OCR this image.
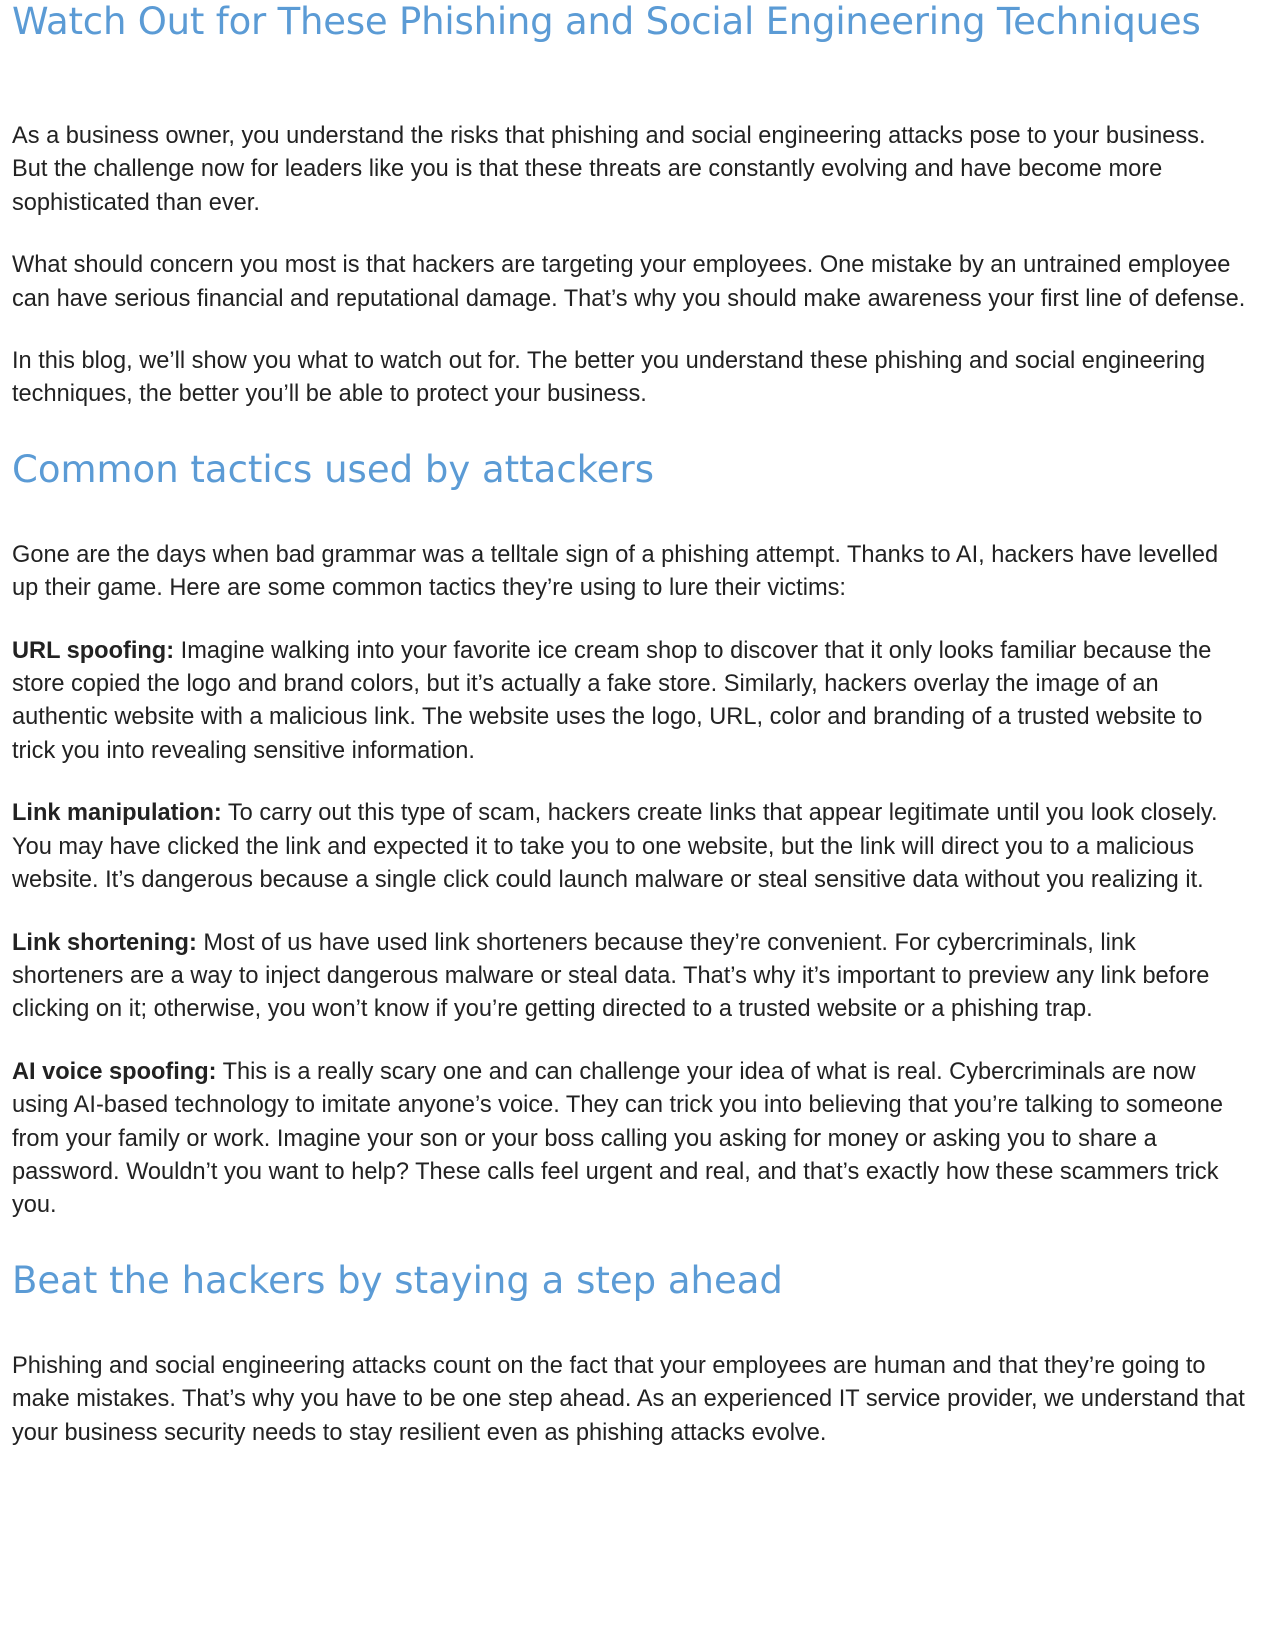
Watch Out for These Phishing and Social Engineering Techniques

As a business owner, you understand the risks that phishing and social engineering attacks pose to your business. But the challenge now for leaders like you is that these threats are constantly evolving and have become more sophisticated than ever.

What should concern you most is that hackers are targeting your employees. One mistake by an untrained employee can have serious financial and reputational damage. That’s why you should make awareness your first line of defense.

In this blog, we’ll show you what to watch out for. The better you understand these phishing and social engineering techniques, the better you’ll be able to protect your business.

Common tactics used by attackers

Gone are the days when bad grammar was a telltale sign of a phishing attempt. Thanks to AI, hackers have levelled up their game. Here are some common tactics they’re using to lure their victims:

URL spoofing: Imagine walking into your favorite ice cream shop to discover that it only looks familiar because the store copied the logo and brand colors, but it’s actually a fake store. Similarly, hackers overlay the image of an authentic website with a malicious link. The website uses the logo, URL, color and branding of a trusted website to trick you into revealing sensitive information.

Link manipulation: To carry out this type of scam, hackers create links that appear legitimate until you look closely. You may have clicked the link and expected it to take you to one website, but the link will direct you to a malicious website. It’s dangerous because a single click could launch malware or steal sensitive data without you realizing it.

Link shortening: Most of us have used link shorteners because they’re convenient. For cybercriminals, link shorteners are a way to inject dangerous malware or steal data. That’s why it’s important to preview any link before clicking on it; otherwise, you won’t know if you’re getting directed to a trusted website or a phishing trap.

AI voice spoofing: This is a really scary one and can challenge your idea of what is real. Cybercriminals are now using AI-based technology to imitate anyone’s voice. They can trick you into believing that you’re talking to someone from your family or work. Imagine your son or your boss calling you asking for money or asking you to share a password. Wouldn’t you want to help? These calls feel urgent and real, and that’s exactly how these scammers trick you.

Beat the hackers by staying a step ahead

Phishing and social engineering attacks count on the fact that your employees are human and that they’re going to make mistakes. That’s why you have to be one step ahead. As an experienced IT service provider, we understand that your business security needs to stay resilient even as phishing attacks evolve.
